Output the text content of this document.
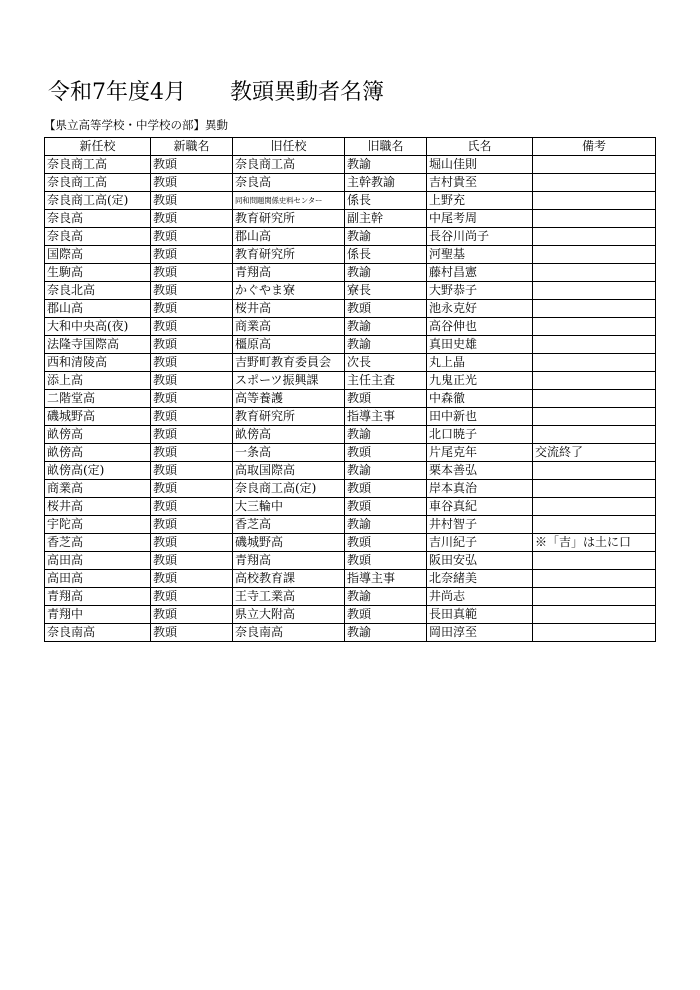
令和7年度4月　　教頭異動者名簿
【県立高等学校・中学校の部】異動
新任校	新職名	旧任校	旧職名	氏名	備考
奈良商工高	教頭	奈良商工高	教諭	堀山佳則	
奈良商工高	教頭	奈良高	主幹教諭	吉村貴至	
奈良商工高(定)	教頭	同和問題関係史料センター	係長	上野充	
奈良高	教頭	教育研究所	副主幹	中尾考周	
奈良高	教頭	郡山高	教諭	長谷川尚子	
国際高	教頭	教育研究所	係長	河聖基	
生駒高	教頭	青翔高	教諭	藤村昌憲	
奈良北高	教頭	かぐやま寮	寮長	大野恭子	
郡山高	教頭	桜井高	教頭	池永克好	
大和中央高(夜)	教頭	商業高	教諭	高谷伸也	
法隆寺国際高	教頭	橿原高	教諭	真田史雄	
西和清陵高	教頭	吉野町教育委員会	次長	丸上晶	
添上高	教頭	スポーツ振興課	主任主査	九鬼正光	
二階堂高	教頭	高等養護	教頭	中森徹	
磯城野高	教頭	教育研究所	指導主事	田中新也	
畝傍高	教頭	畝傍高	教諭	北口暁子	
畝傍高	教頭	一条高	教頭	片尾克年	交流終了
畝傍高(定)	教頭	高取国際高	教諭	栗本善弘	
商業高	教頭	奈良商工高(定)	教頭	岸本真治	
桜井高	教頭	大三輪中	教頭	車谷真紀	
宇陀高	教頭	香芝高	教諭	井村智子	
香芝高	教頭	磯城野高	教頭	吉川紀子	※「吉」は土に口
高田高	教頭	青翔高	教頭	阪田安弘	
高田高	教頭	高校教育課	指導主事	北奈緒美	
青翔高	教頭	王寺工業高	教諭	井尚志	
青翔中	教頭	県立大附高	教頭	長田真範	
奈良南高	教頭	奈良南高	教諭	岡田淳至	
